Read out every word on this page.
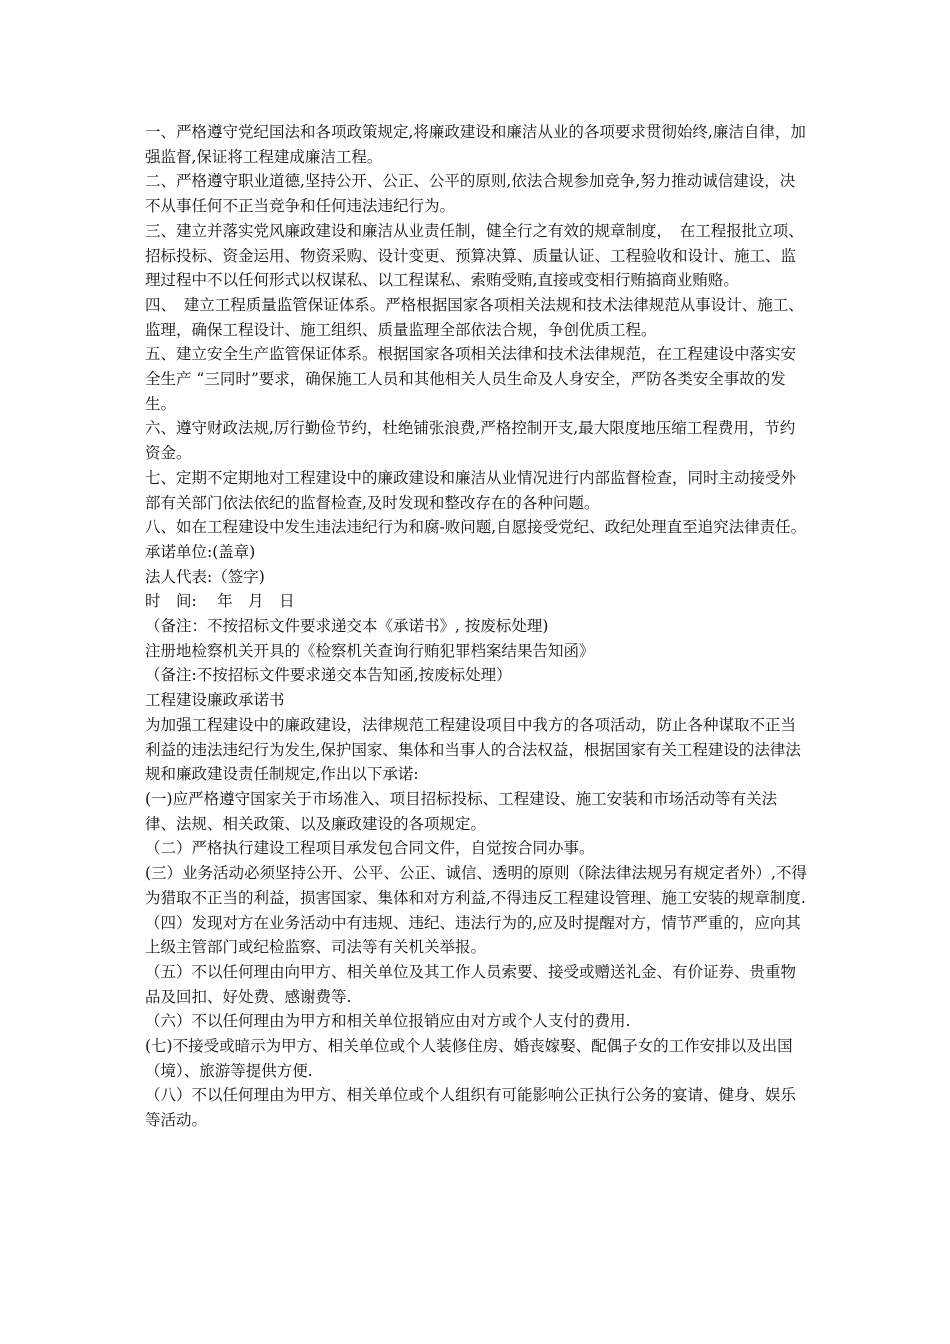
一、严格遵守党纪国法和各项政策规定,将廉政建设和廉洁从业的各项要求贯彻始终,廉洁自律，加强监督,保证将工程建成廉洁工程。

二、严格遵守职业道德,坚持公开、公正、公平的原则,依法合规参加竞争,努力推动诚信建设，决不从事任何不正当竞争和任何违法违纪行为。

三、建立并落实党风廉政建设和廉洁从业责任制，健全行之有效的规章制度，　在工程报批立项、招标投标、资金运用、物资采购、设计变更、预算决算、质量认证、工程验收和设计、施工、监理过程中不以任何形式以权谋私、以工程谋私、索贿受贿,直接或变相行贿搞商业贿赂。

四、　建立工程质量监管保证体系。严格根据国家各项相关法规和技术法律规范从事设计、施工、监理，确保工程设计、施工组织、质量监理全部依法合规，争创优质工程。

五、建立安全生产监管保证体系。根据国家各项相关法律和技术法律规范，在工程建设中落实安全生产 “三同时”要求，确保施工人员和其他相关人员生命及人身安全，严防各类安全事故的发生。

六、遵守财政法规,厉行勤俭节约，杜绝铺张浪费,严格控制开支,最大限度地压缩工程费用，节约资金。

七、定期不定期地对工程建设中的廉政建设和廉洁从业情况进行内部监督检查，同时主动接受外部有关部门依法依纪的监督检查,及时发现和整改存在的各种问题。

八、如在工程建设中发生违法违纪行为和腐-败问题,自愿接受党纪、政纪处理直至追究法律责任。

承诺单位:(盖章)

法人代表:（签字)

时　间:　 年　月　日

（备注：不按招标文件要求递交本《承诺书》, 按废标处理)

注册地检察机关开具的《检察机关查询行贿犯罪档案结果告知函》

（备注:不按招标文件要求递交本告知函,按废标处理）

工程建设廉政承诺书

为加强工程建设中的廉政建设，法律规范工程建设项目中我方的各项活动，防止各种谋取不正当利益的违法违纪行为发生,保护国家、集体和当事人的合法权益，根据国家有关工程建设的法律法规和廉政建设责任制规定,作出以下承诺:

(一)应严格遵守国家关于市场准入、项目招标投标、工程建设、施工安装和市场活动等有关法律、法规、相关政策、以及廉政建设的各项规定。

（二）严格执行建设工程项目承发包合同文件，自觉按合同办事。

(三）业务活动必须坚持公开、公平、公正、诚信、透明的原则（除法律法规另有规定者外）,不得为猎取不正当的利益，损害国家、集体和对方利益,不得违反工程建设管理、施工安装的规章制度.

（四）发现对方在业务活动中有违规、违纪、违法行为的,应及时提醒对方，情节严重的，应向其上级主管部门或纪检监察、司法等有关机关举报。

（五）不以任何理由向甲方、相关单位及其工作人员索要、接受或赠送礼金、有价证券、贵重物品及回扣、好处费、感谢费等.

（六）不以任何理由为甲方和相关单位报销应由对方或个人支付的费用.

(七)不接受或暗示为甲方、相关单位或个人装修住房、婚丧嫁娶、配偶子女的工作安排以及出国（境）、旅游等提供方便.

（八）不以任何理由为甲方、相关单位或个人组织有可能影响公正执行公务的宴请、健身、娱乐等活动。
